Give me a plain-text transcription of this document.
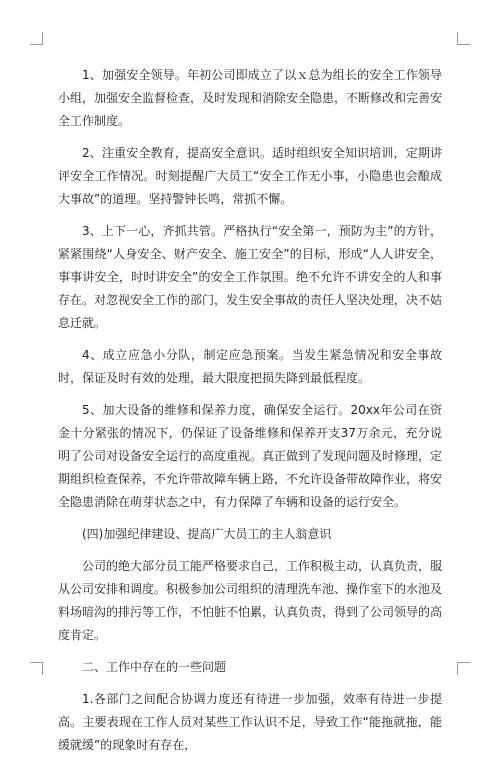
1、加强安全领导。年初公司即成立了以ｘ总为组长的安全工作领导小组，加强安全监督检查，及时发现和消除安全隐患，不断修改和完善安全工作制度。

2、注重安全教育，提高安全意识。适时组织安全知识培训，定期讲评安全工作情况。时刻提醒广大员工“安全工作无小事，小隐患也会酿成大事故”的道理。坚持警钟长鸣，常抓不懈。

3、上下一心，齐抓共管。严格执行“安全第一，预防为主”的方针，紧紧围绕“人身安全、财产安全、施工安全”的目标，形成“人人讲安全，事事讲安全，时时讲安全”的安全工作氛围。绝不允许不讲安全的人和事存在。对忽视安全工作的部门，发生安全事故的责任人坚决处理，决不姑息迁就。

4、成立应急小分队，制定应急预案。当发生紧急情况和安全事故时，保证及时有效的处理，最大限度把损失降到最低程度。

5、加大设备的维修和保养力度，确保安全运行。20xx年公司在资金十分紧张的情况下，仍保证了设备维修和保养开支37万余元，充分说明了公司对设备安全运行的高度重视。真正做到了发现问题及时修理，定期组织检查保养，不允许带故障车辆上路，不允许设备带故障作业，将安全隐患消除在萌芽状态之中，有力保障了车辆和设备的运行安全。

(四)加强纪律建设、提高广大员工的主人翁意识

公司的绝大部分员工能严格要求自己，工作积极主动，认真负责，服从公司安排和调度。积极参加公司组织的清理洗车池、操作室下的水池及料场暗沟的排污等工作，不怕脏不怕累，认真负责，得到了公司领导的高度肯定。

二、工作中存在的一些问题

1.各部门之间配合协调力度还有待进一步加强，效率有待进一步提高。主要表现在工作人员对某些工作认识不足，导致工作“能拖就拖，能缓就缓”的现象时有存在，
